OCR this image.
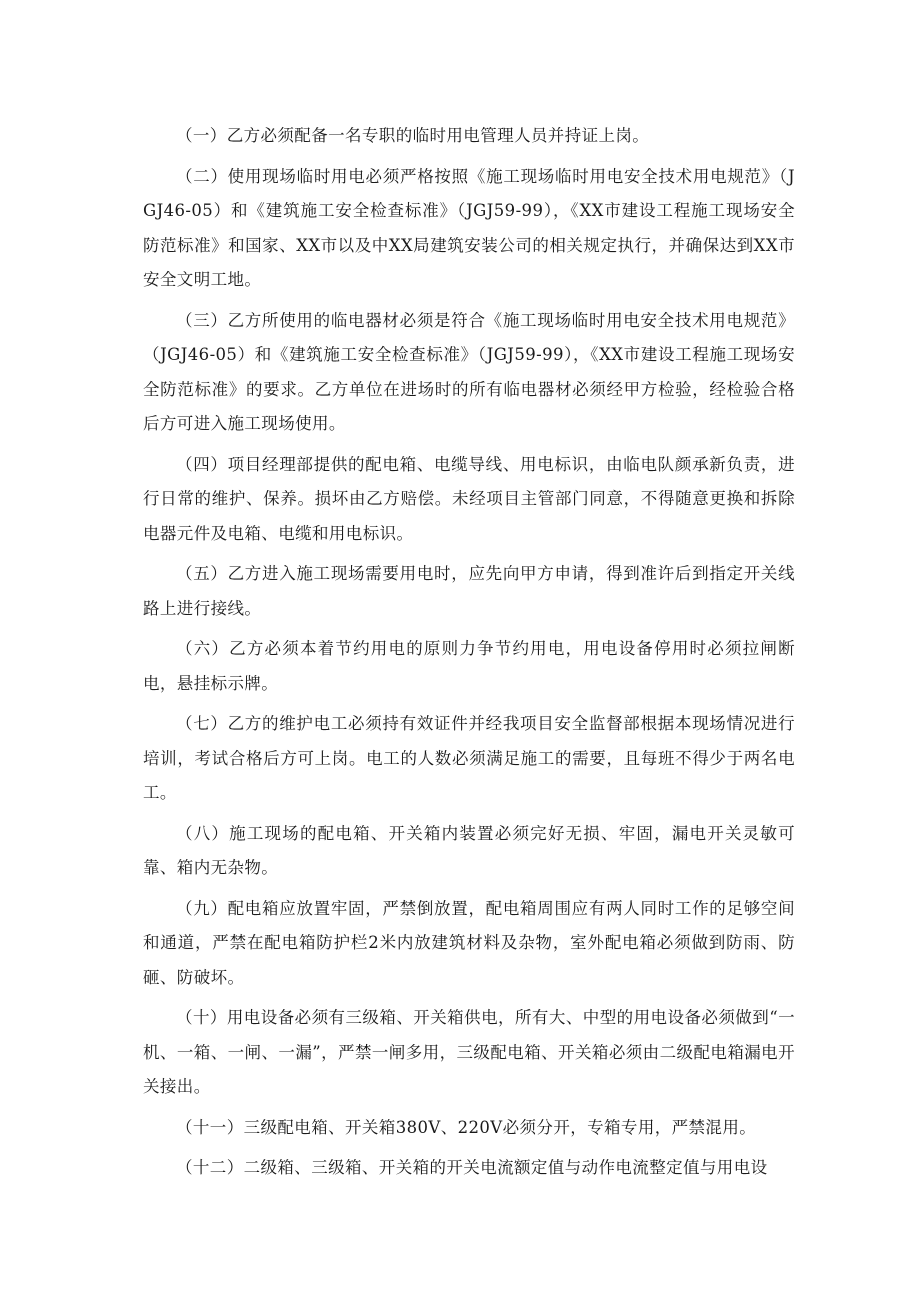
（一）乙方必须配备一名专职的临时用电管理人员并持证上岗。

（二）使用现场临时用电必须严格按照《施工现场临时用电安全技术用电规范》（JGJ46-05）和《建筑施工安全检查标准》（JGJ59-99），《XX市建设工程施工现场安全防范标准》和国家、XX市以及中XX局建筑安装公司的相关规定执行，并确保达到XX市安全文明工地。

（三）乙方所使用的临电器材必须是符合《施工现场临时用电安全技术用电规范》（JGJ46-05）和《建筑施工安全检查标准》（JGJ59-99），《XX市建设工程施工现场安全防范标准》的要求。乙方单位在进场时的所有临电器材必须经甲方检验，经检验合格后方可进入施工现场使用。

（四）项目经理部提供的配电箱、电缆导线、用电标识，由临电队颜承新负责，进行日常的维护、保养。损坏由乙方赔偿。未经项目主管部门同意，不得随意更换和拆除电器元件及电箱、电缆和用电标识。

（五）乙方进入施工现场需要用电时，应先向甲方申请，得到准许后到指定开关线路上进行接线。

（六）乙方必须本着节约用电的原则力争节约用电，用电设备停用时必须拉闸断电，悬挂标示牌。

（七）乙方的维护电工必须持有效证件并经我项目安全监督部根据本现场情况进行培训，考试合格后方可上岗。电工的人数必须满足施工的需要，且每班不得少于两名电工。

（八）施工现场的配电箱、开关箱内装置必须完好无损、牢固，漏电开关灵敏可靠、箱内无杂物。

（九）配电箱应放置牢固，严禁倒放置，配电箱周围应有两人同时工作的足够空间和通道，严禁在配电箱防护栏2米内放建筑材料及杂物，室外配电箱必须做到防雨、防砸、防破坏。

（十）用电设备必须有三级箱、开关箱供电，所有大、中型的用电设备必须做到“一机、一箱、一闸、一漏”，严禁一闸多用，三级配电箱、开关箱必须由二级配电箱漏电开关接出。

（十一）三级配电箱、开关箱380V、220V必须分开，专箱专用，严禁混用。

（十二）二级箱、三级箱、开关箱的开关电流额定值与动作电流整定值与用电设
